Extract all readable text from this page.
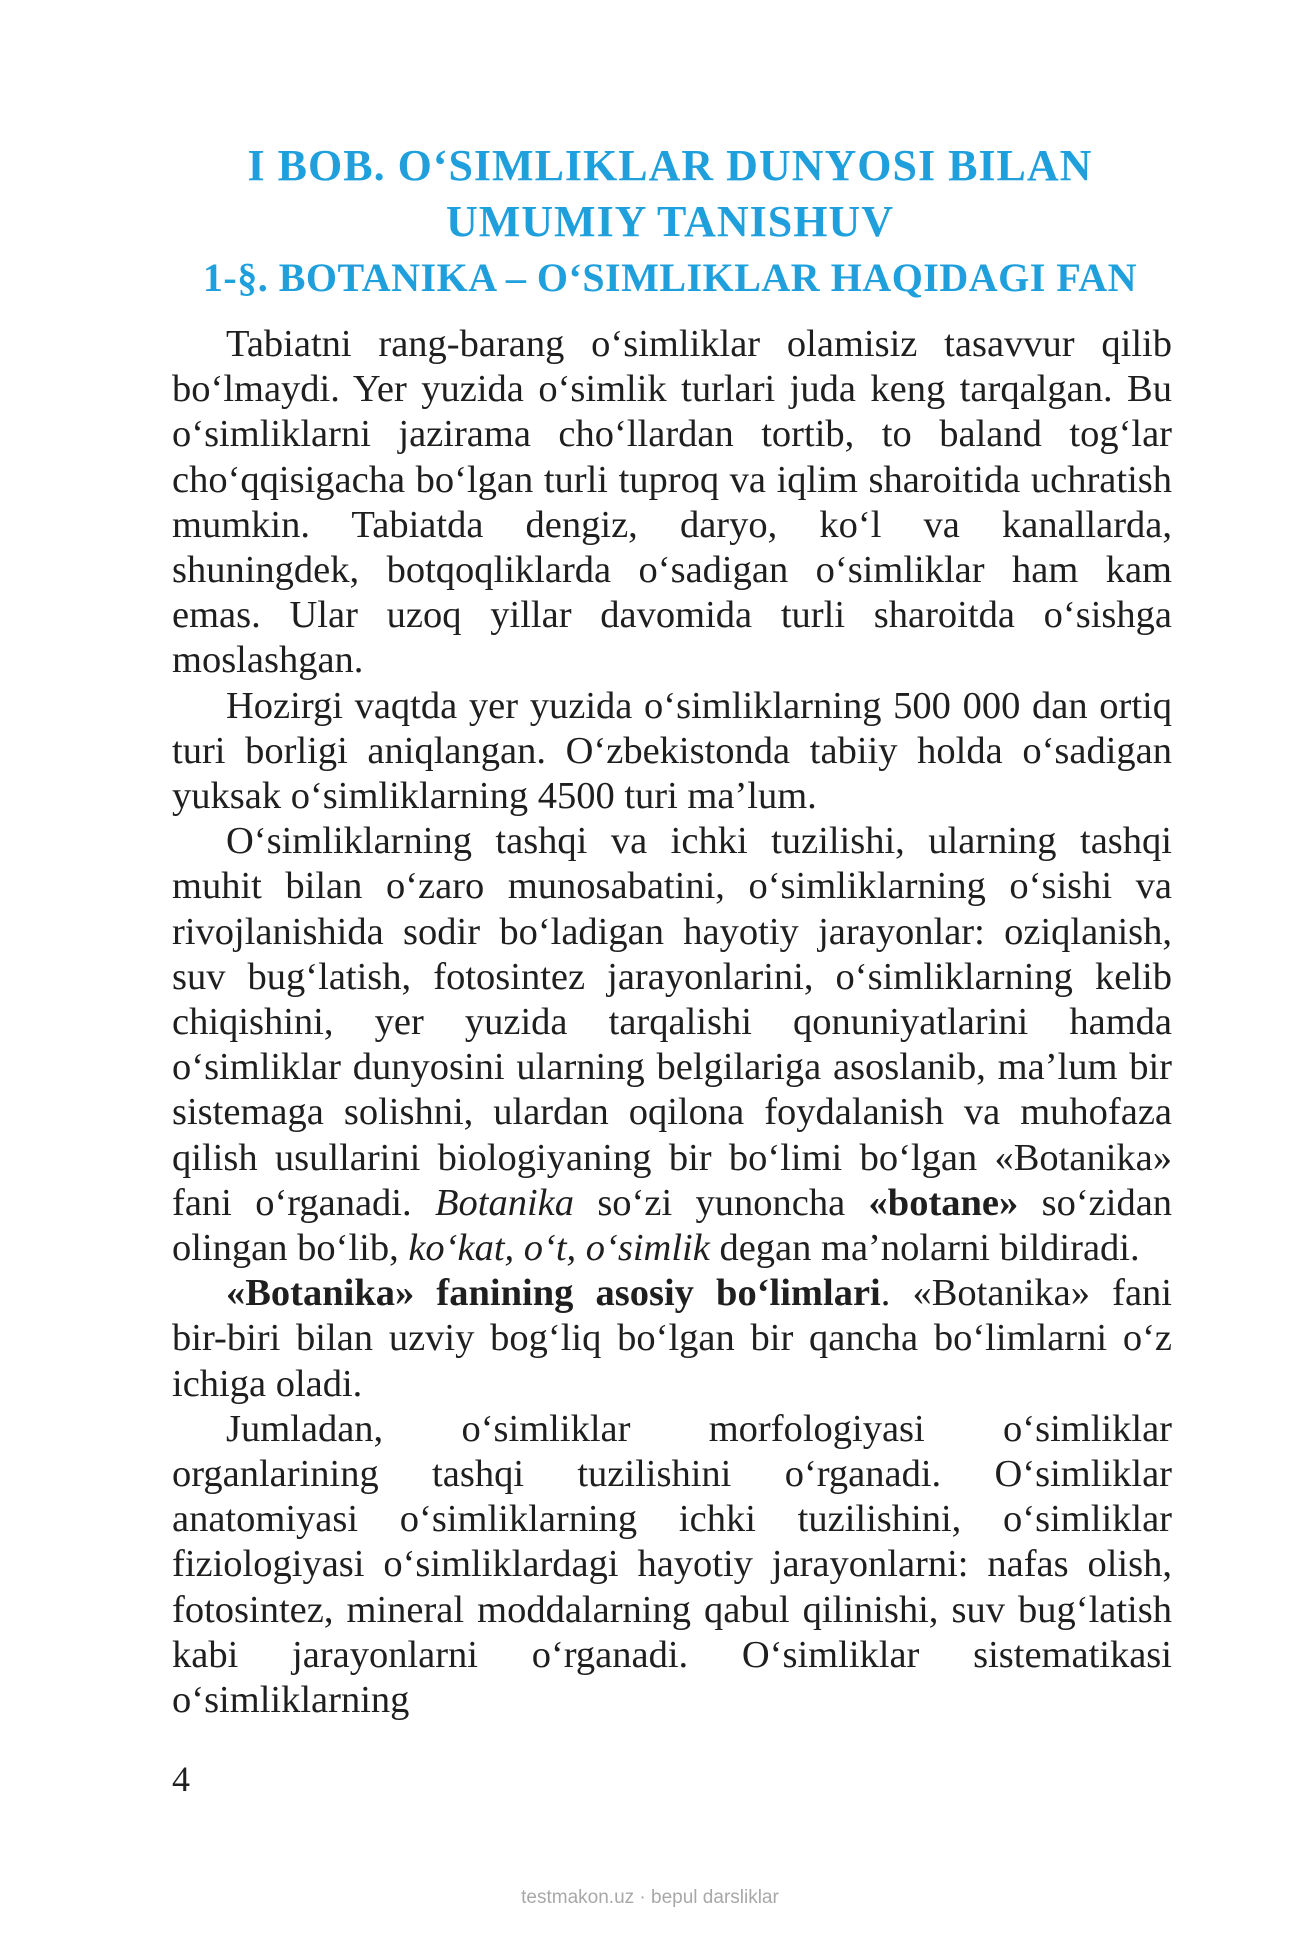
I BOB. O‘SIMLIKLAR DUNYOSI BILAN
UMUMIY TANISHUV
1-§. BOTANIKA – O‘SIMLIKLAR HAQIDAGI FAN

Tabiatni rang-barang o‘simliklar olamisiz tasavvur qilib bo‘lmaydi. Yer yuzida o‘simlik turlari juda keng tarqalgan. Bu o‘simliklarni jazirama cho‘llardan tortib, to baland tog‘lar cho‘qqisigacha bo‘lgan turli tuproq va iqlim sharoitida uchratish mumkin. Tabiatda dengiz, daryo, ko‘l va kanallarda, shuningdek, botqoqliklarda o‘sadigan o‘simliklar ham kam emas. Ular uzoq yillar davomida turli sharoitda o‘sishga moslashgan.

Hozirgi vaqtda yer yuzida o‘simliklarning 500 000 dan ortiq turi borligi aniqlangan. O‘zbekistonda tabiiy holda o‘sadigan yuksak o‘simliklarning 4500 turi ma’lum.

O‘simliklarning tashqi va ichki tuzilishi, ularning tashqi muhit bilan o‘zaro munosabatini, o‘simliklarning o‘sishi va rivojlanishida sodir bo‘ladigan hayotiy jarayonlar: oziqlanish, suv bug‘latish, fotosintez jarayonlarini, o‘simliklarning kelib chiqishini, yer yuzida tarqalishi qonuniyatlarini hamda o‘simliklar dunyosini ularning belgilariga asoslanib, ma’lum bir sistemaga solishni, ulardan oqilona foydalanish va muhofaza qilish usullarini biologiyaning bir bo‘limi bo‘lgan «Botanika» fani o‘rganadi. Botanika so‘zi yunoncha «botane» so‘zidan olingan bo‘lib, ko‘kat, o‘t, o‘simlik degan ma’nolarni bildiradi.

«Botanika» fanining asosiy bo‘limlari. «Botanika» fani bir-biri bilan uzviy bog‘liq bo‘lgan bir qancha bo‘limlarni o‘z ichiga oladi.

Jumladan, o‘simliklar morfologiyasi o‘simliklar organlarining tashqi tuzilishini o‘rganadi. O‘simliklar anatomiyasi o‘simliklarning ichki tuzilishini, o‘simliklar fiziologiyasi o‘simliklardagi hayotiy jarayonlarni: nafas olish, fotosintez, mineral moddalarning qabul qilinishi, suv bug‘latish kabi jarayonlarni o‘rganadi. O‘simliklar sistematikasi o‘simliklarning

4

testmakon.uz · bepul darsliklar
